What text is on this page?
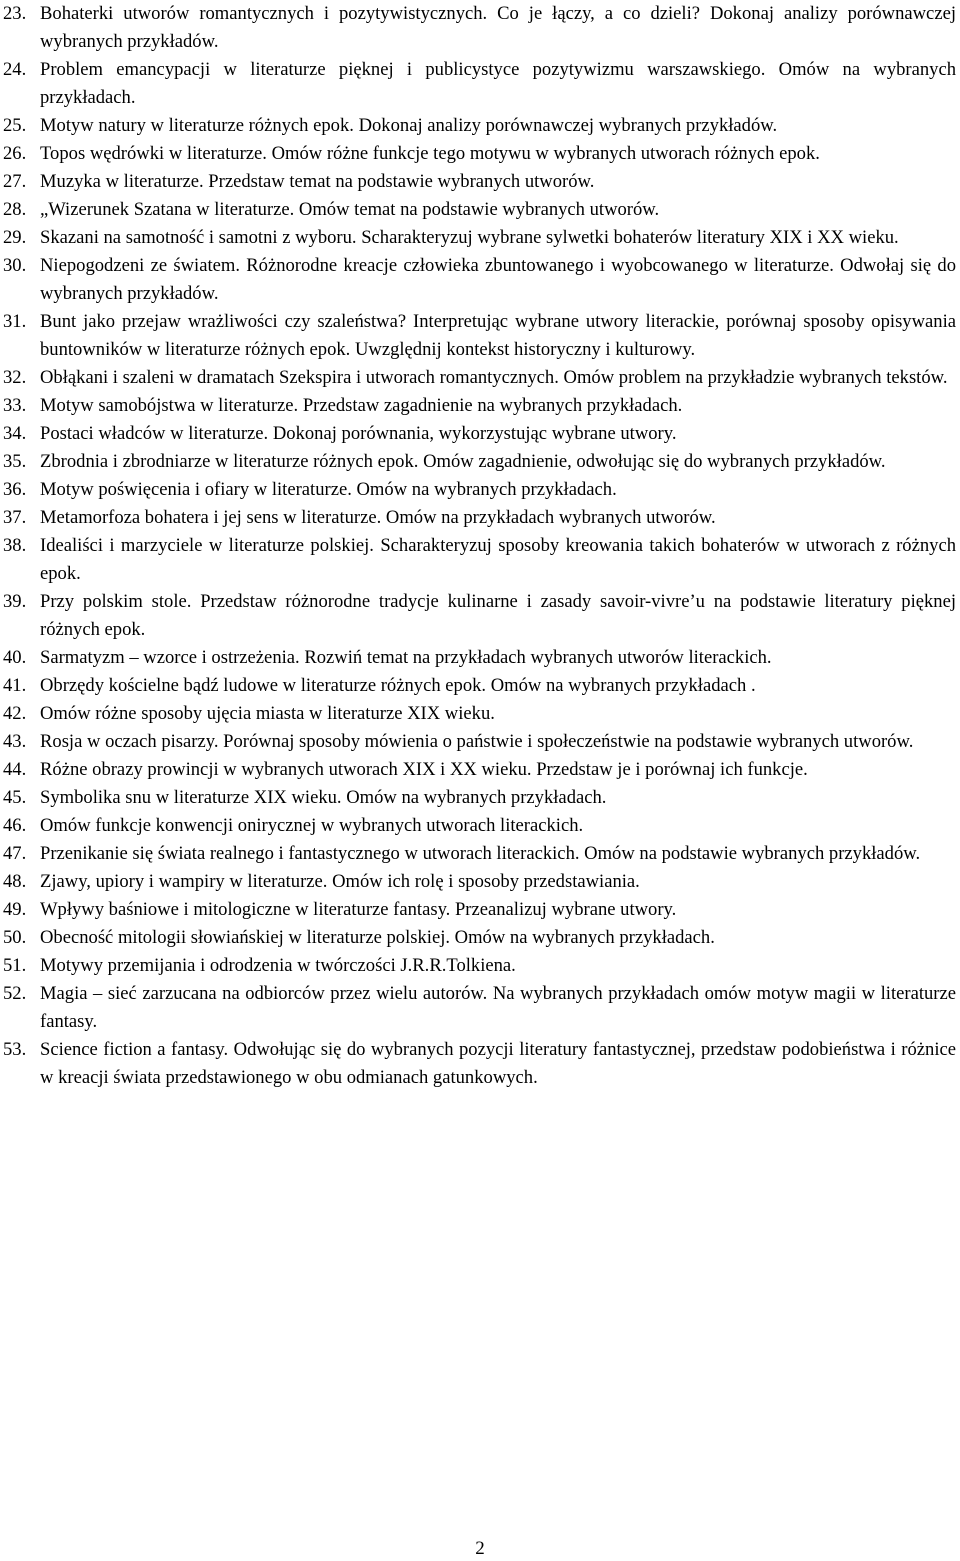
23. Bohaterki utworów romantycznych i pozytywistycznych. Co je łączy, a co dzieli? Dokonaj analizy porównawczej wybranych przykładów.
24. Problem emancypacji w literaturze pięknej i publicystyce pozytywizmu warszawskiego. Omów na wybranych przykładach.
25. Motyw natury w literaturze różnych epok. Dokonaj analizy porównawczej wybranych przykładów.
26. Topos wędrówki w literaturze. Omów różne funkcje tego motywu w wybranych utworach różnych epok.
27. Muzyka w literaturze. Przedstaw temat na podstawie wybranych utworów.
28. „Wizerunek Szatana w literaturze. Omów temat na podstawie wybranych utworów.
29. Skazani na samotność i samotni z wyboru. Scharakteryzuj wybrane sylwetki bohaterów literatury XIX i XX wieku.
30. Niepogodzeni ze światem. Różnorodne kreacje człowieka zbuntowanego i wyobcowanego w literaturze. Odwołaj się do wybranych przykładów.
31. Bunt jako przejaw wrażliwości czy szaleństwa? Interpretując wybrane utwory literackie, porównaj sposoby opisywania buntowników w literaturze różnych epok. Uwzględnij kontekst historyczny i kulturowy.
32. Obłąkani i szaleni w dramatach Szekspira i utworach romantycznych. Omów problem na przykładzie wybranych tekstów.
33. Motyw samobójstwa w literaturze. Przedstaw zagadnienie na wybranych przykładach.
34. Postaci władców w literaturze. Dokonaj porównania, wykorzystując wybrane utwory.
35. Zbrodnia i zbrodniarze w literaturze różnych epok. Omów zagadnienie, odwołując się do wybranych przykładów.
36. Motyw poświęcenia i ofiary w literaturze. Omów na wybranych przykładach.
37. Metamorfoza bohatera i jej sens w literaturze. Omów na przykładach wybranych utworów.
38. Idealiści i marzyciele w literaturze polskiej. Scharakteryzuj sposoby kreowania takich bohaterów w utworach z różnych epok.
39. Przy polskim stole. Przedstaw różnorodne tradycje kulinarne i zasady savoir-vivre’u na podstawie literatury pięknej różnych epok.
40. Sarmatyzm – wzorce i ostrzeżenia. Rozwiń temat na przykładach wybranych utworów literackich.
41. Obrzędy kościelne bądź ludowe w literaturze różnych epok. Omów na wybranych przykładach .
42. Omów różne sposoby ujęcia miasta w literaturze XIX wieku.
43. Rosja w oczach pisarzy. Porównaj sposoby mówienia o państwie i społeczeństwie na podstawie wybranych utworów.
44. Różne obrazy prowincji w wybranych utworach XIX i XX wieku. Przedstaw je i porównaj ich funkcje.
45. Symbolika snu w literaturze XIX wieku. Omów na wybranych przykładach.
46. Omów funkcje konwencji onirycznej w wybranych utworach literackich.
47. Przenikanie się świata realnego i fantastycznego w utworach literackich. Omów na podstawie wybranych przykładów.
48. Zjawy, upiory i wampiry w literaturze. Omów ich rolę i sposoby przedstawiania.
49. Wpływy baśniowe i mitologiczne w literaturze fantasy. Przeanalizuj wybrane utwory.
50. Obecność mitologii słowiańskiej w literaturze polskiej. Omów na wybranych przykładach.
51. Motywy przemijania i odrodzenia w twórczości J.R.R.Tolkiena.
52. Magia – sieć zarzucana na odbiorców przez wielu autorów. Na wybranych przykładach omów motyw magii w literaturze fantasy.
53. Science fiction a fantasy. Odwołując się do wybranych pozycji literatury fantastycznej, przedstaw podobieństwa i różnice w kreacji świata przedstawionego w obu odmianach gatunkowych.
2
